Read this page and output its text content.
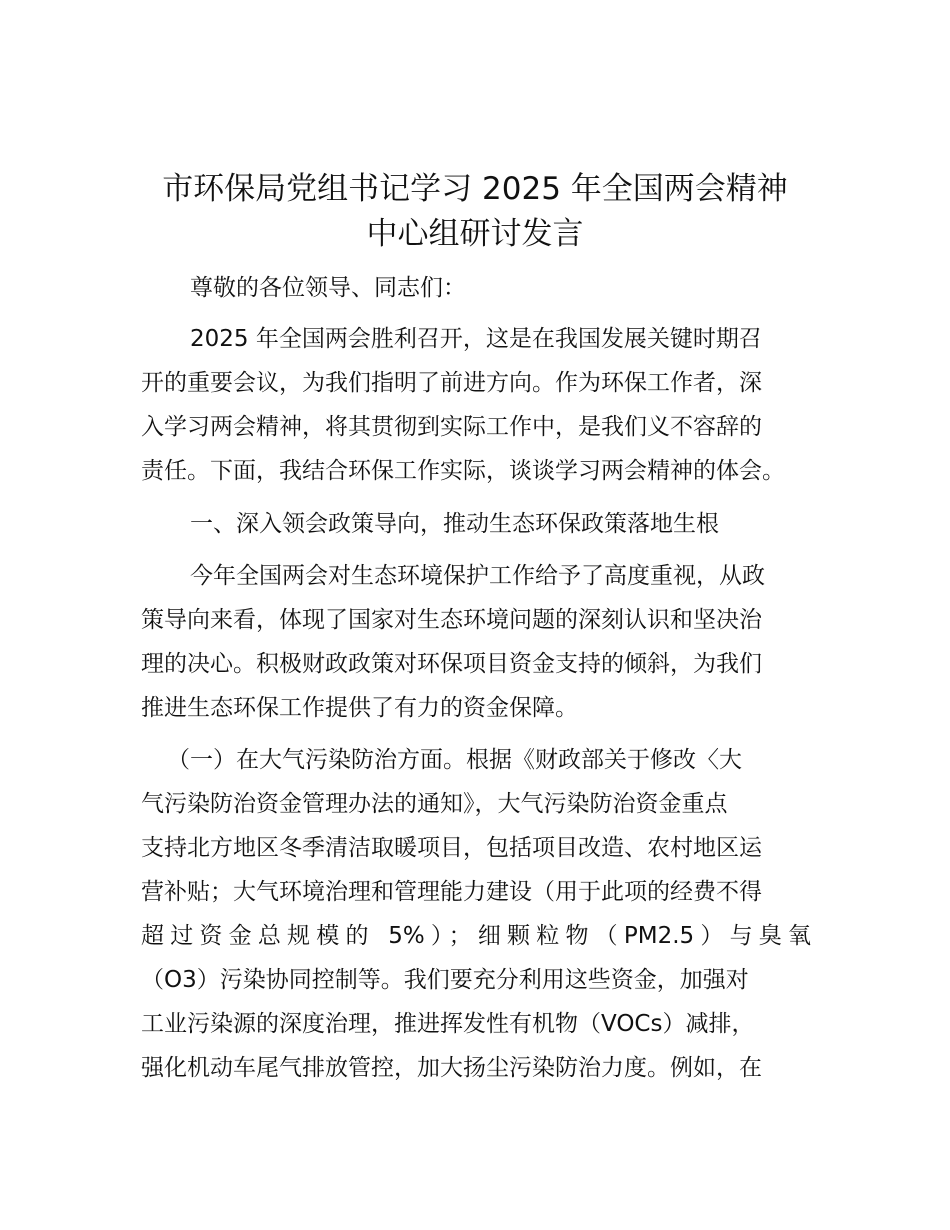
市环保局党组书记学习 2025 年全国两会精神
中心组研讨发言

尊敬的各位领导、同志们：

2025 年全国两会胜利召开，这是在我国发展关键时期召

开的重要会议，为我们指明了前进方向。作为环保工作者，深

入学习两会精神，将其贯彻到实际工作中，是我们义不容辞的

责任。下面，我结合环保工作实际，谈谈学习两会精神的体会。

一、深入领会政策导向，推动生态环保政策落地生根

今年全国两会对生态环境保护工作给予了高度重视，从政

策导向来看，体现了国家对生态环境问题的深刻认识和坚决治

理的决心。积极财政政策对环保项目资金支持的倾斜，为我们

推进生态环保工作提供了有力的资金保障。

（一）在大气污染防治方面。根据《财政部关于修改〈大

气污染防治资金管理办法的通知》，大气污染防治资金重点

支持北方地区冬季清洁取暖项目，包括项目改造、农村地区运

营补贴；大气环境治理和管理能力建设（用于此项的经费不得

超过资金总规模的 5%）；细颗粒物（PM2.5）与臭氧

（O3）污染协同控制等。我们要充分利用这些资金，加强对

工业污染源的深度治理，推进挥发性有机物（VOCs）减排，

强化机动车尾气排放管控，加大扬尘污染防治力度。例如，在
